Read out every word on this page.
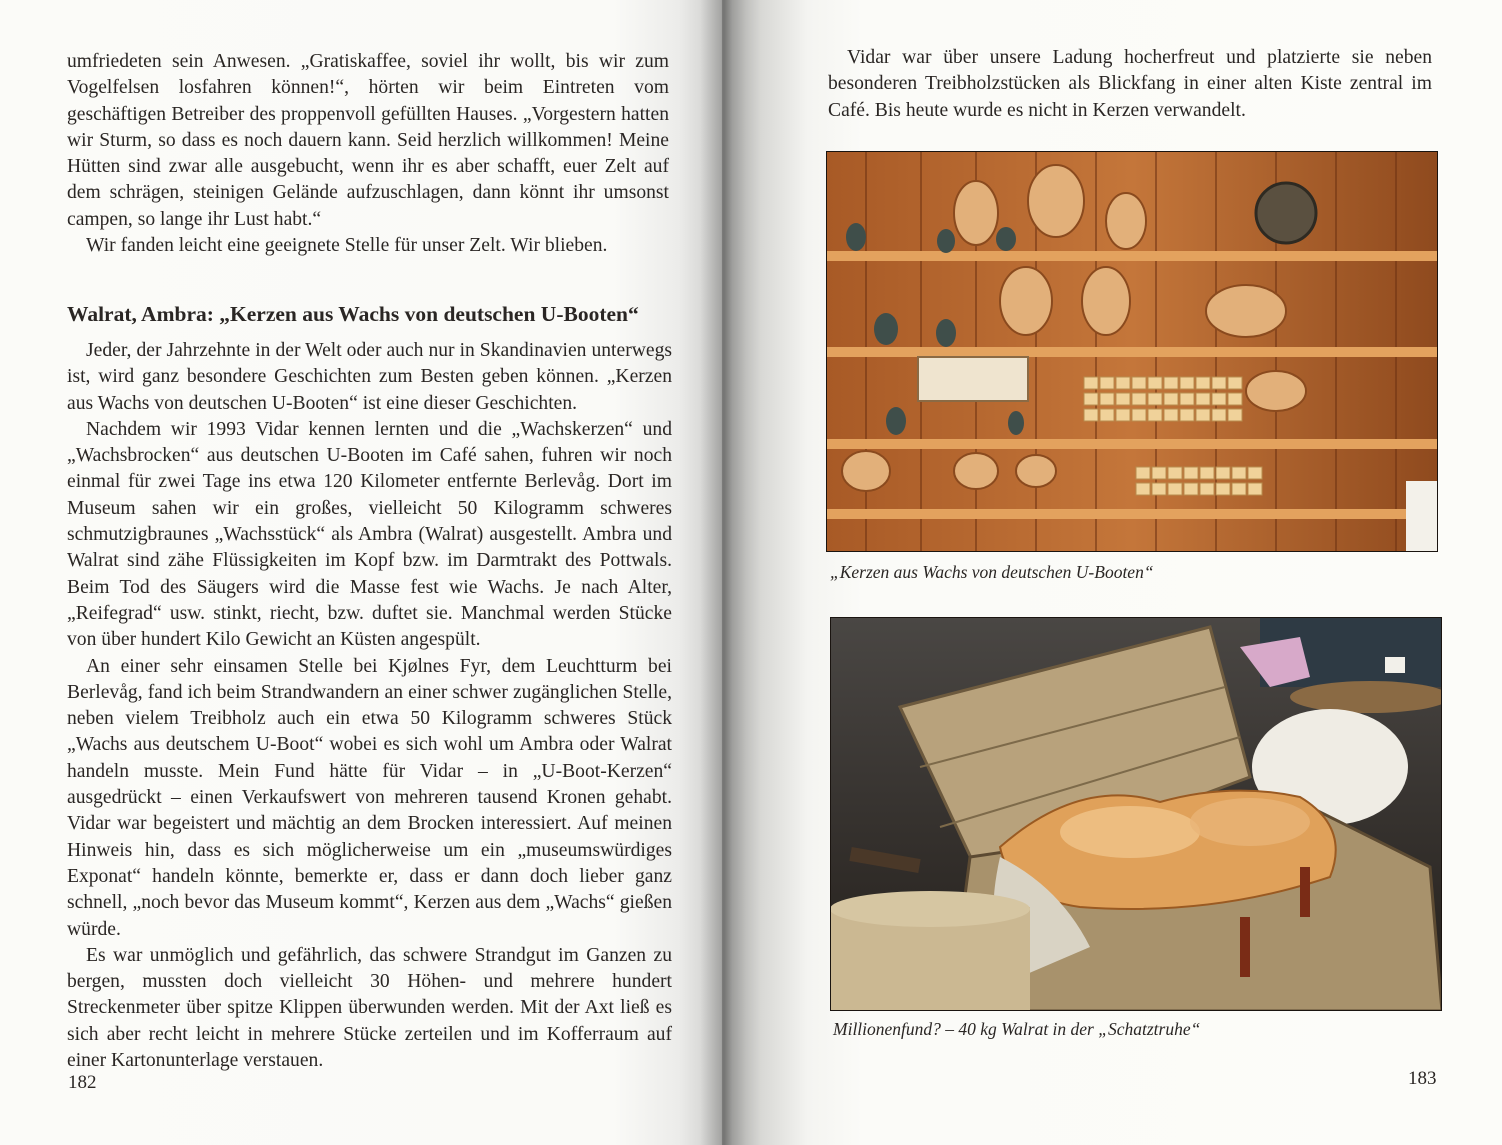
umfriedeten sein Anwesen. „Gratiskaffee, soviel ihr wollt, bis wir zum Vogelfelsen losfahren können!“, hörten wir beim Eintreten vom geschäftigen Betreiber des proppenvoll gefüllten Hauses. „Vorgestern hatten wir Sturm, so dass es noch dauern kann. Seid herzlich willkommen! Meine Hütten sind zwar alle ausgebucht, wenn ihr es aber schafft, euer Zelt auf dem schrägen, steinigen Gelände aufzuschlagen, dann könnt ihr umsonst campen, so lange ihr Lust habt.“

Wir fanden leicht eine geeignete Stelle für unser Zelt. Wir blieben.

Walrat, Ambra: „Kerzen aus Wachs von deutschen U-Booten“

Jeder, der Jahrzehnte in der Welt oder auch nur in Skandinavien unterwegs ist, wird ganz besondere Geschichten zum Besten geben können. „Kerzen aus Wachs von deutschen U-Booten“ ist eine dieser Geschichten.

Nachdem wir 1993 Vidar kennen lernten und die „Wachskerzen“ und „Wachsbrocken“ aus deutschen U-Booten im Café sahen, fuhren wir noch einmal für zwei Tage ins etwa 120 Kilometer entfernte Berlevåg. Dort im Museum sahen wir ein großes, vielleicht 50 Kilogramm schweres schmutzigbraunes „Wachsstück“ als Ambra (Walrat) ausgestellt. Ambra und Walrat sind zähe Flüssigkeiten im Kopf bzw. im Darmtrakt des Pottwals. Beim Tod des Säugers wird die Masse fest wie Wachs. Je nach Alter, „Reifegrad“ usw. stinkt, riecht, bzw. duftet sie. Manchmal werden Stücke von über hundert Kilo Gewicht an Küsten angespült.

An einer sehr einsamen Stelle bei Kjølnes Fyr, dem Leuchtturm bei Berlevåg, fand ich beim Strandwandern an einer schwer zugänglichen Stelle, neben vielem Treibholz auch ein etwa 50 Kilogramm schweres Stück „Wachs aus deutschem U-Boot“ wobei es sich wohl um Ambra oder Walrat handeln musste. Mein Fund hätte für Vidar – in „U-Boot-Kerzen“ ausgedrückt – einen Verkaufswert von mehreren tausend Kronen gehabt. Vidar war begeistert und mächtig an dem Brocken interessiert. Auf meinen Hinweis hin, dass es sich möglicherweise um ein „museumswürdiges Exponat“ handeln könnte, bemerkte er, dass er dann doch lieber ganz schnell, „noch bevor das Museum kommt“, Kerzen aus dem „Wachs“ gießen würde.

Es war unmöglich und gefährlich, das schwere Strandgut im Ganzen zu bergen, mussten doch vielleicht 30 Höhen- und mehrere hundert Streckenmeter über spitze Klippen überwunden werden. Mit der Axt ließ es sich aber recht leicht in mehrere Stücke zerteilen und im Kofferraum auf einer Kartonunterlage verstauen.

182

Vidar war über unsere Ladung hocherfreut und platzierte sie neben besonderen Treibholzstücken als Blickfang in einer alten Kiste zentral im Café. Bis heute wurde es nicht in Kerzen verwandelt.

„Kerzen aus Wachs von deutschen U-Booten“
Millionenfund? – 40 kg Walrat in der „Schatztruhe“
183
